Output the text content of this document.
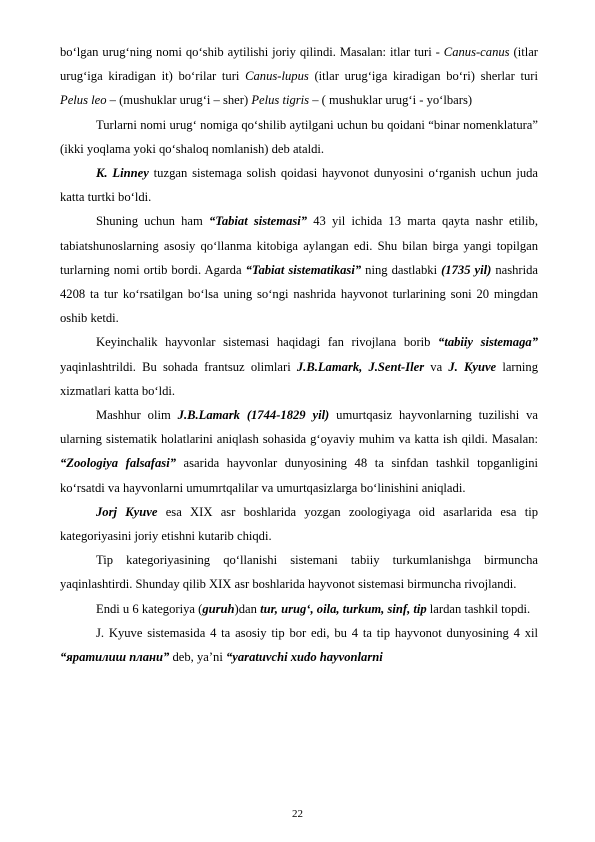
bo‘lgan urug‘ning nomi qo‘shib aytilishi joriy qilindi. Masalan: itlar turi - Canus-canus (itlar urug‘iga kiradigan it) bo‘rilar turi Canus-lupus (itlar urug‘iga kiradigan bo‘ri) sherlar turi Pelus leo – (mushuklar urug‘i – sher) Pelus tigris – ( mushuklar urug‘i - yo‘lbars)

Turlarni nomi urug‘ nomiga qo‘shilib aytilgani uchun bu qoidani “binar nomenklatura” (ikki yoqlama yoki qo‘shaloq nomlanish) deb ataldi.

K. Linney tuzgan sistemaga solish qoidasi hayvonot dunyosini o‘rganish uchun juda katta turtki bo‘ldi.

Shuning uchun ham “Tabiat sistemasi” 43 yil ichida 13 marta qayta nashr etilib, tabiatshunoslarning asosiy qo‘llanma kitobiga aylangan edi. Shu bilan birga yangi topilgan turlarning nomi ortib bordi. Agarda “Tabiat sistematikasi” ning dastlabki (1735 yil) nashrida 4208 ta tur ko‘rsatilgan bo‘lsa uning so‘ngi nashrida hayvonot turlarining soni 20 mingdan oshib ketdi.

Keyinchalik hayvonlar sistemasi haqidagi fan rivojlana borib “tabiiy sistemaga” yaqinlashtrildi. Bu sohada frantsuz olimlari J.B.Lamark, J.Sent-Iler va J. Kyuve larning xizmatlari katta bo‘ldi.

Mashhur olim J.B.Lamark (1744-1829 yil) umurtqasiz hayvonlarning tuzilishi va ularning sistematik holatlarini aniqlash sohasida g‘oyaviy muhim va katta ish qildi. Masalan: “Zoologiya falsafasi” asarida hayvonlar dunyosining 48 ta sinfdan tashkil topganligini ko‘rsatdi va hayvonlarni umumrtqalilar va umurtqasizlarga bo‘linishini aniqladi.

Jorj Kyuve esa XIX asr boshlarida yozgan zoologiyaga oid asarlarida esa tip kategoriyasini joriy etishni kutarib chiqdi.

Tip kategoriyasining qo‘llanishi sistemani tabiiy turkumlanishga birmuncha yaqinlashtirdi. Shunday qilib XIX asr boshlarida hayvonot sistemasi birmuncha rivojlandi.

Endi u 6 kategoriya (guruh)dan tur, urug‘, oila, turkum, sinf, tip lardan tashkil topdi.

J. Kyuve sistemasida 4 ta asosiy tip bor edi, bu 4 ta tip hayvonot dunyosining 4 xil “яратилиш плани” deb, ya’ni “yaratuvchi xudo hayvonlarni

22
